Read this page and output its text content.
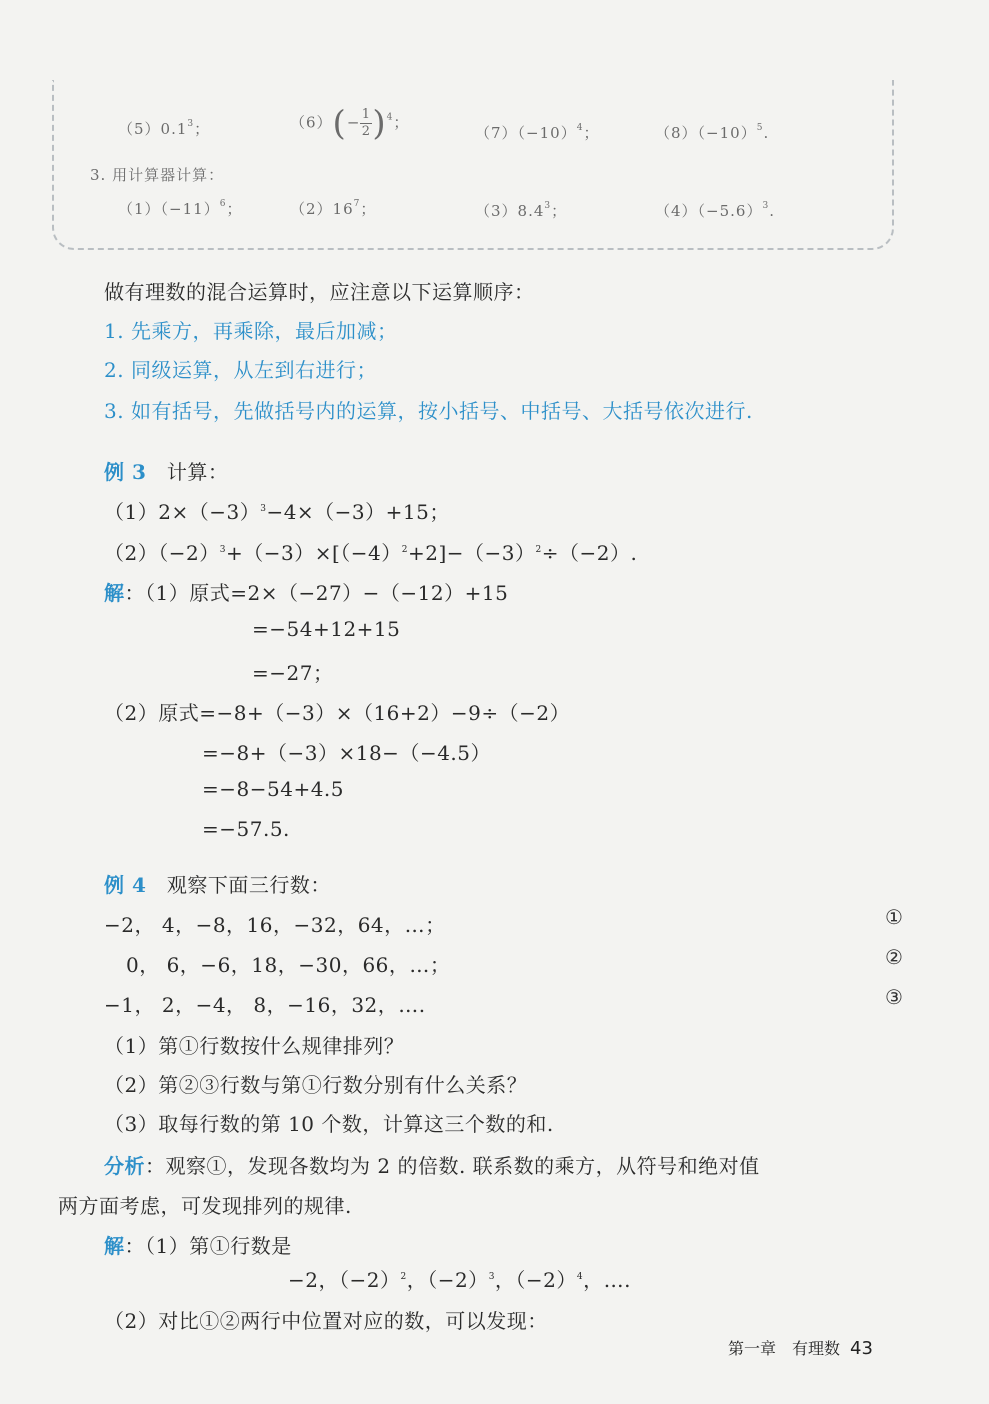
$(5)0.1^3$；	$(6)(- \frac{1}{2} )^4$；
$(7)(-10)^4$；	$(8)(-10)^5$.
3. 用计算器计算：
$(1)(-11)^6$；	$(2)16^7$；	$(3)8.4^3$；	$(4)(-5.6)^3$.
做有理数的混合运算时，应注意以下运算顺序：
1. 先乘方，再乘除，最后加减；
2. 同级运算，从左到右进行；
3. 如有括号，先做括号内的运算，按小括号、中括号、大括号依次进行.
例 3　 计算：
$(1)2\times(-3)^3-4\times(-3)+15$；
$(2)(-2)^3+(-3)\times[(-4)^2+2]-(-3)^2\div(-2)$.
解：（1）原式=2×（−27）−（−12）+15
=−54+12+15
=−27；
（2）原式=−8+（−3）×（16+2）−9÷（−2）
=−8+（−3）×18−（−4.5）
=−8−54+4.5
=−57.5.
例 4　 观察下面三行数：
−2， 4，−8，16，−32，64，…；
0， 6，−6，18，−30，66，…；
−1， 2，−4， 8，−16，32，….
①
②
③
（1）第①行数按什么规律排列？
（2）第②③行数与第①行数分别有什么关系？
（3）取每行数的第 10 个数，计算这三个数的和.
分析：观察①，发现各数均为 2 的倍数. 联系数的乘方，从符号和绝对值
两方面考虑，可发现排列的规律.
解：（1）第①行数是
−2，$(-2)^2$，$(-2)^3$，$(-2)^4$，….
（2）对比①②两行中位置对应的数，可以发现：
第一章　有理数 43
